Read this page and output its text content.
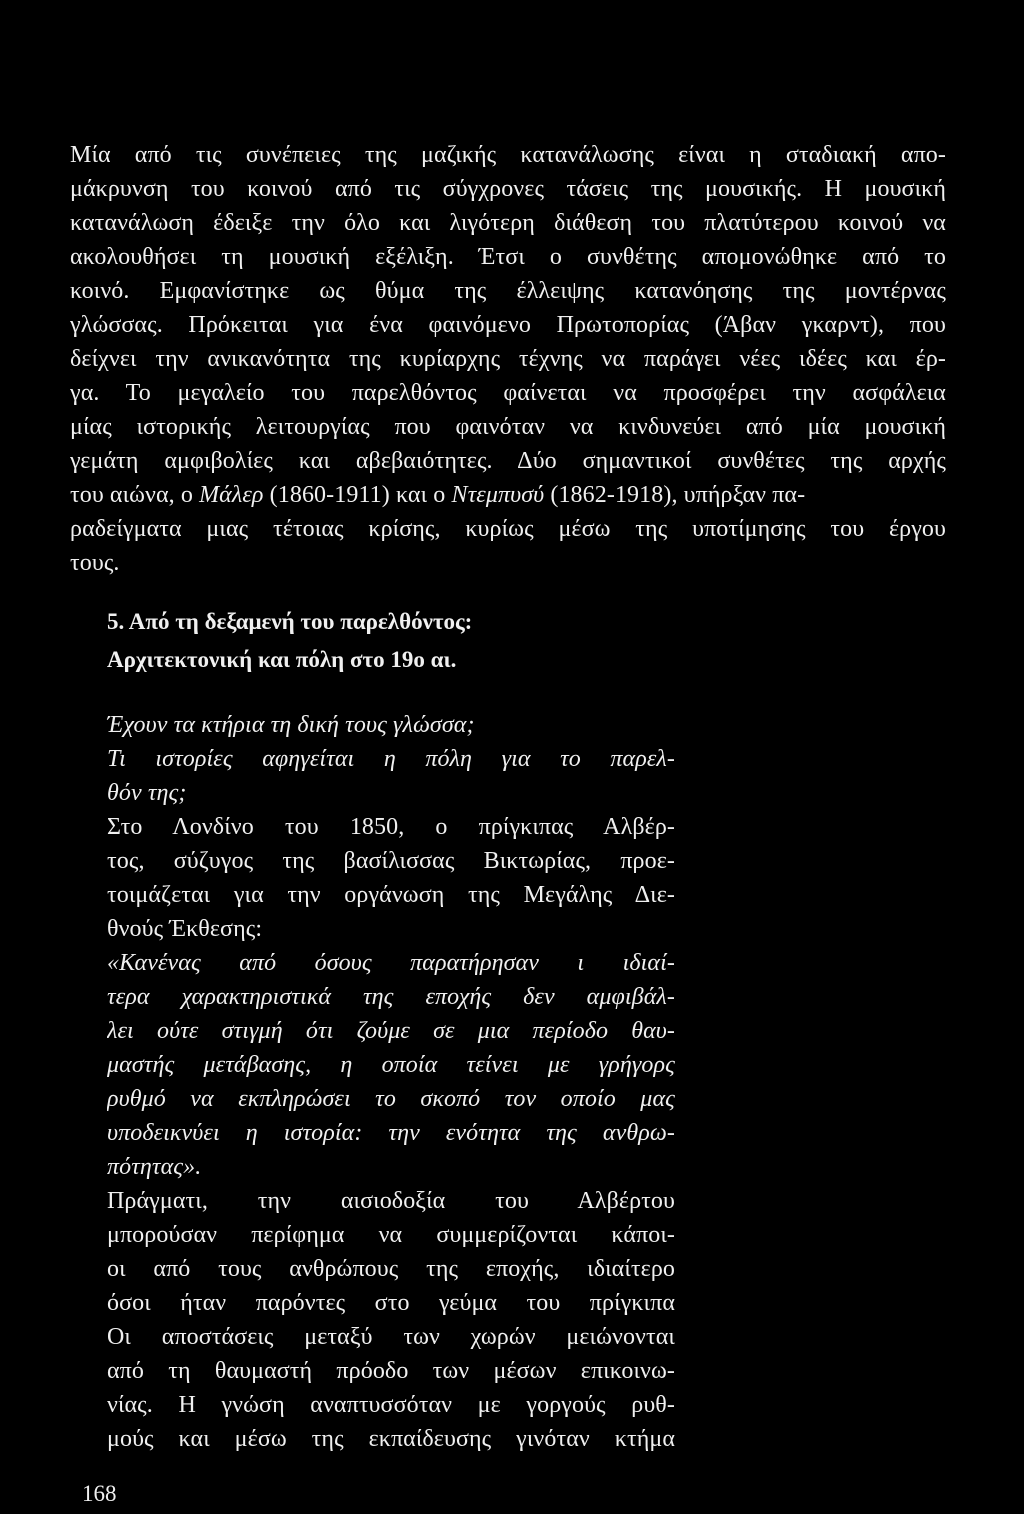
Μία από τις συνέπειες της μαζικής κατανάλωσης είναι η σταδιακή απο-

μάκρυνση του κοινού από τις σύγχρονες τάσεις της μουσικής. Η μουσική

κατανάλωση έδειξε την όλο και λιγότερη διάθεση του πλατύτερου κοινού να

ακολουθήσει τη μουσική εξέλιξη. Έτσι ο συνθέτης απομονώθηκε από το

κοινό. Εμφανίστηκε ως θύμα της έλλειψης κατανόησης της μοντέρνας

γλώσσας. Πρόκειται για ένα φαινόμενο Πρωτοπορίας (Άβαν γκαρντ), που

δείχνει την ανικανότητα της κυρίαρχης τέχνης να παράγει νέες ιδέες και έρ-

γα. Το μεγαλείο του παρελθόντος φαίνεται να προσφέρει την ασφάλεια

μίας ιστορικής λειτουργίας που φαινόταν να κινδυνεύει από μία μουσική

γεμάτη αμφιβολίες και αβεβαιότητες. Δύο σημαντικοί συνθέτες της αρχής

του αιώνα, ο Μάλερ (1860-1911) και ο Ντεμπυσύ (1862-1918), υπήρξαν πα-

ραδείγματα μιας τέτοιας κρίσης, κυρίως μέσω της υποτίμησης του έργου

τους.

5. Από τη δεξαμενή του παρελθόντος:
Αρχιτεκτονική και πόλη στο 19ο αι.

Έχουν τα κτήρια τη δική τους γλώσσα;

Τι ιστορίες αφηγείται η πόλη για το παρελ-

θόν της;

Στο Λονδίνο του 1850, ο πρίγκιπας Αλβέρ-

τος, σύζυγος της βασίλισσας Βικτωρίας, προε-

τοιμάζεται για την οργάνωση της Μεγάλης Διε-

θνούς Έκθεσης:

«Κανένας από όσους παρατήρησαν ι ιδιαί-

τερα χαρακτηριστικά της εποχής δεν αμφιβάλ-

λει ούτε στιγμή ότι ζούμε σε μια περίοδο θαυ-

μαστής μετάβασης, η οποία τείνει με γρήγορς

ρυθμό να εκπληρώσει το σκοπό τον οποίο μας

υποδεικνύει η ιστορία: την ενότητα της ανθρω-

πότητας».

Πράγματι, την αισιοδοξία του Αλβέρτου

μπορούσαν περίφημα να συμμερίζονται κάποι-

οι από τους ανθρώπους της εποχής, ιδιαίτερο

όσοι ήταν παρόντες στο γεύμα του πρίγκιπα

Οι αποστάσεις μεταξύ των χωρών μειώνονται

από τη θαυμαστή πρόοδο των μέσων επικοινω-

νίας. Η γνώση αναπτυσσόταν με γοργούς ρυθ-

μούς και μέσω της εκπαίδευσης γινόταν κτήμα

168
